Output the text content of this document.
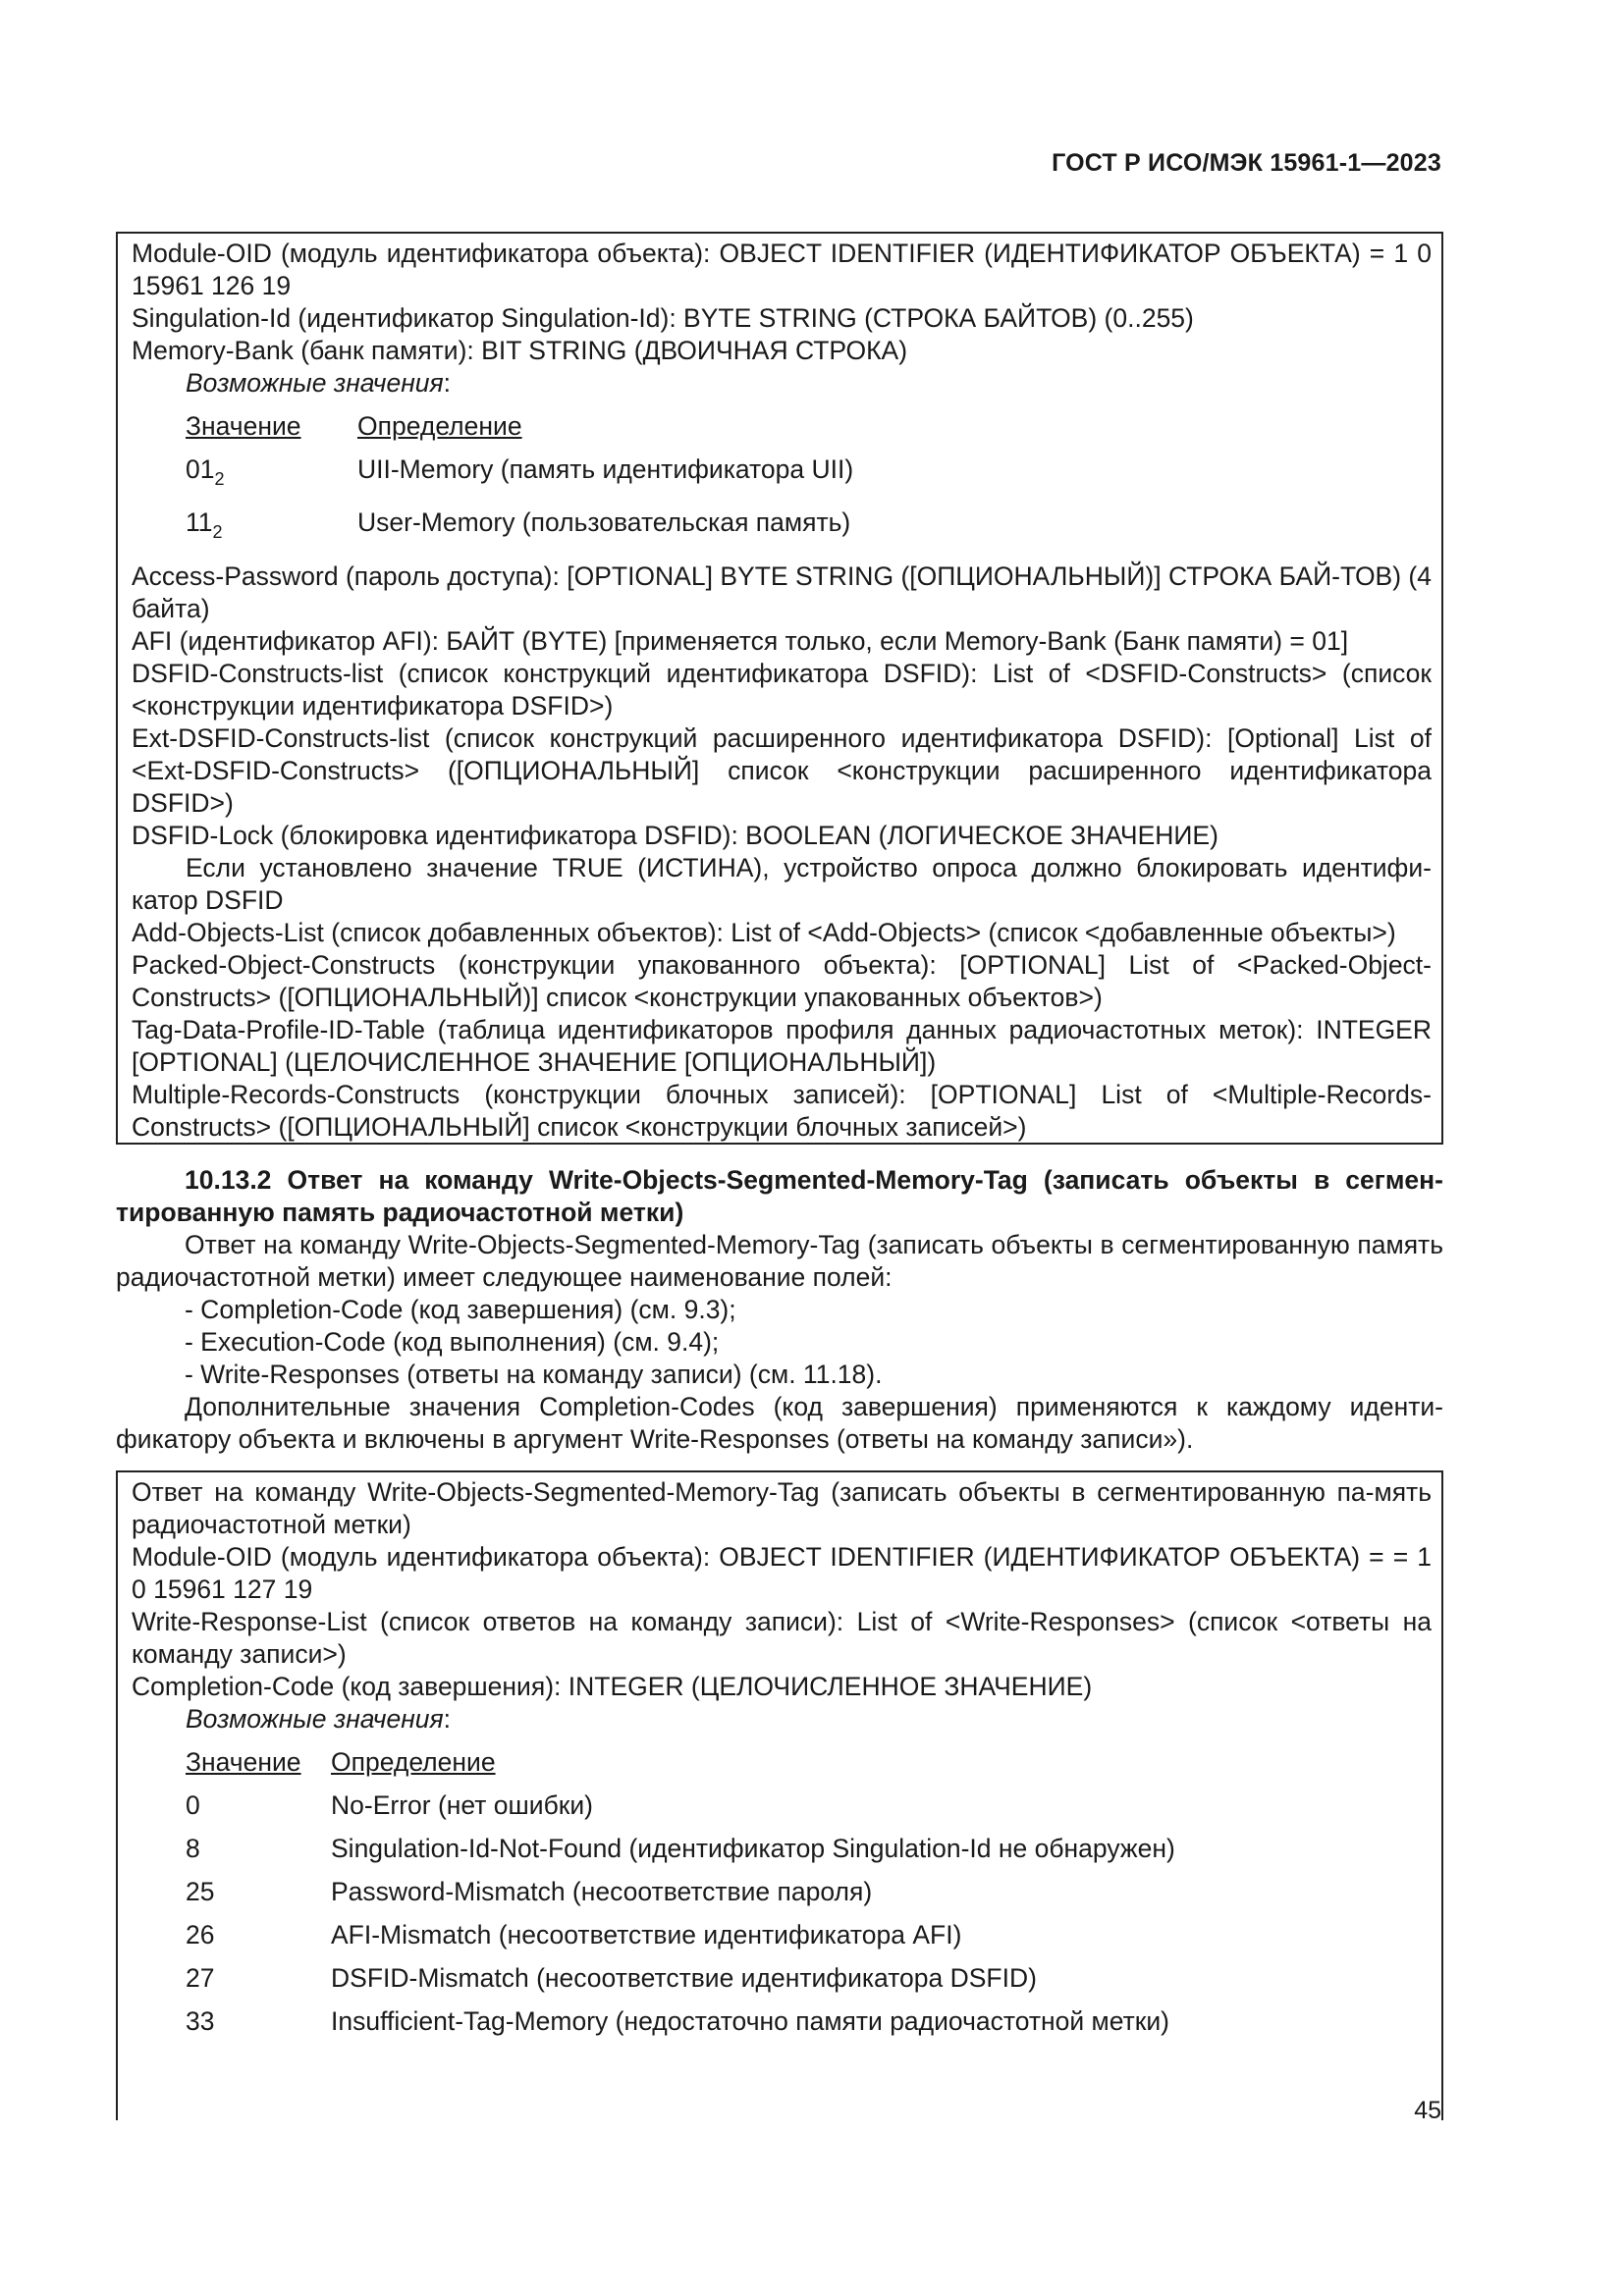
ГОСТ Р ИСО/МЭК 15961-1—2023

Module-OID (модуль идентификатора объекта): OBJECT IDENTIFIER (ИДЕНТИФИКАТОР ОБЪЕКТА) = 1 0 15961 126 19

Singulation-Id (идентификатор Singulation-Id): BYTE STRING (СТРОКА БАЙТОВ) (0..255)

Memory-Bank (банк памяти): BIT STRING (ДВОИЧНАЯ СТРОКА)

Возможные значения:

Значение	Определение
$01_2$	UII-Memory (память идентификатора UII)
$11_2$	User-Memory (пользовательская память)

Access-Password (пароль доступа): [OPTIONAL] BYTE STRING ([ОПЦИОНАЛЬНЫЙ)] СТРОКА БАЙ-ТОВ) (4 байта)

AFI (идентификатор AFI): БАЙТ (BYTE) [применяется только, если Memory-Bank (Банк памяти) = 01]

DSFID-Constructs-list (список конструкций идентификатора DSFID): List of <DSFID-Constructs> (список <конструкции идентификатора DSFID>)

Ext-DSFID-Constructs-list (список конструкций расширенного идентификатора DSFID): [Optional] List of <Ext-DSFID-Constructs> ([ОПЦИОНАЛЬНЫЙ] список <конструкции расширенного идентификатора DSFID>)

DSFID-Lock (блокировка идентификатора DSFID): BOOLEAN (ЛОГИЧЕСКОЕ ЗНАЧЕНИЕ)

Если установлено значение TRUE (ИСТИНА), устройство опроса должно блокировать идентифи-катор DSFID

Add-Objects-List (список добавленных объектов): List of <Add-Objects> (список <добавленные объекты>)

Packed-Object-Constructs (конструкции упакованного объекта): [OPTIONAL] List of <Packed-Object-Constructs> ([ОПЦИОНАЛЬНЫЙ)] список <конструкции упакованных объектов>)

Tag-Data-Profile-ID-Table (таблица идентификаторов профиля данных радиочастотных меток): INTEGER [OPTIONAL] (ЦЕЛОЧИСЛЕННОЕ ЗНАЧЕНИЕ [ОПЦИОНАЛЬНЫЙ])

Multiple-Records-Constructs (конструкции блочных записей): [OPTIONAL] List of <Multiple-Records-Constructs> ([ОПЦИОНАЛЬНЫЙ] список <конструкции блочных записей>)

10.13.2 Ответ на команду Write-Objects-Segmented-Memory-Tag (записать объекты в сегмен-тированную память радиочастотной метки)

Ответ на команду Write-Objects-Segmented-Memory-Tag (записать объекты в сегментированную память радиочастотной метки) имеет следующее наименование полей:

- Completion-Code (код завершения) (см. 9.3);

- Execution-Code (код выполнения) (см. 9.4);

- Write-Responses (ответы на команду записи) (см. 11.18).

Дополнительные значения Completion-Codes (код завершения) применяются к каждому иденти-фикатору объекта и включены в аргумент Write-Responses (ответы на команду записи»).

Ответ на команду Write-Objects-Segmented-Memory-Tag (записать объекты в сегментированную па-мять радиочастотной метки)

Module-OID (модуль идентификатора объекта): OBJECT IDENTIFIER (ИДЕНТИФИКАТОР ОБЪЕКТА) = = 1 0 15961 127 19

Write-Response-List (список ответов на команду записи): List of <Write-Responses> (список <ответы на команду записи>)

Completion-Code (код завершения): INTEGER (ЦЕЛОЧИСЛЕННОЕ ЗНАЧЕНИЕ)

Возможные значения:

Значение	Определение
0	No-Error (нет ошибки)
8	Singulation-Id-Not-Found (идентификатор Singulation-Id не обнаружен)
25	Password-Mismatch (несоответствие пароля)
26	AFI-Mismatch (несоответствие идентификатора AFI)
27	DSFID-Mismatch (несоответствие идентификатора DSFID)
33	Insufficient-Tag-Memory (недостаточно памяти радиочастотной метки)
45
